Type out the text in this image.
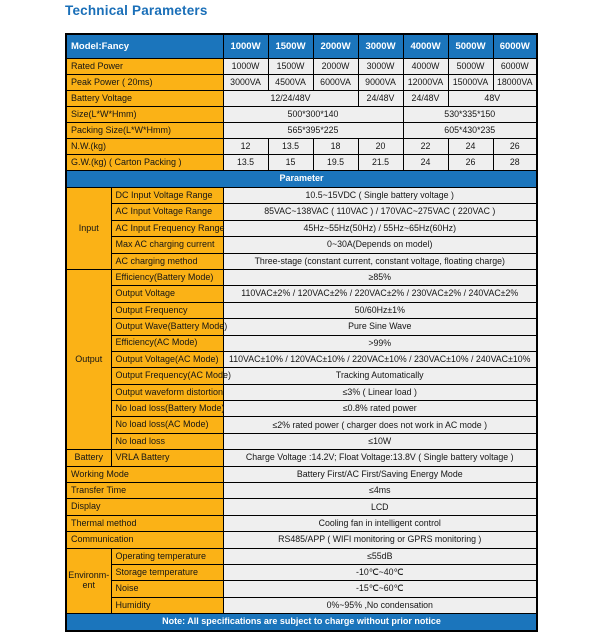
Technical Parameters
Model:Fancy		1000W	1500W	2000W	3000W	4000W	5000W	6000W
Rated Power		1000W	1500W	2000W	3000W	4000W	5000W	6000W
Peak Power ( 20ms)		3000VA	4500VA	6000VA	9000VA	12000VA	15000VA	18000VA
Battery Voltage		12/24/48V			24/48V	24/48V	48V	
Size(L*W*Hmm)		500*300*140				530*335*150		
Packing Size(L*W*Hmm)		565*395*225				605*430*235		
N.W.(kg)		12	13.5	18	20	22	24	26
G.W.(kg) ( Carton Packing )		13.5	15	19.5	21.5	24	26	28
Parameter								
Input	DC Input Voltage Range	10.5~15VDC ( Single battery voltage )						
	AC Input Voltage Range	85VAC~138VAC ( 110VAC ) / 170VAC~275VAC ( 220VAC )						
	AC Input Frequency Range	45Hz~55Hz(50Hz) / 55Hz~65Hz(60Hz)						
	Max AC charging current	0~30A(Depends on model)						
	AC charging method	Three-stage (constant current, constant voltage, floating charge)						
Output	Efficiency(Battery Mode)	≥85%						
	Output Voltage	110VAC±2% / 120VAC±2% / 220VAC±2% / 230VAC±2% / 240VAC±2%						
	Output Frequency	50/60Hz±1%						
	Output Wave(Battery Mode)	Pure Sine Wave						
	Efficiency(AC Mode)	>99%						
	Output Voltage(AC Mode)	110VAC±10% / 120VAC±10% / 220VAC±10% / 230VAC±10% / 240VAC±10%						
	Output Frequency(AC Mode)	Tracking Automatically						
	Output waveform distortion	≤3% ( Linear load )						
	No load loss(Battery Mode)	≤0.8% rated power						
	No load loss(AC Mode)	≤2% rated power ( charger does not work in AC mode )						
	No load loss	≤10W						
Battery	VRLA Battery	Charge Voltage :14.2V; Float Voltage:13.8V ( Single battery voltage )						
Working Mode		Battery First/AC First/Saving Energy Mode						
Transfer Time		≤4ms						
Display		LCD						
Thermal method		Cooling fan in intelligent control						
Communication		RS485/APP ( WIFI monitoring or GPRS monitoring )						
Environm-ent	Operating temperature	≤55dB						
	Storage temperature	-10℃~40℃						
	Noise	-15℃~60℃						
	Humidity	0%~95% ,No condensation						
Note: All specifications are subject to charge without prior notice								
